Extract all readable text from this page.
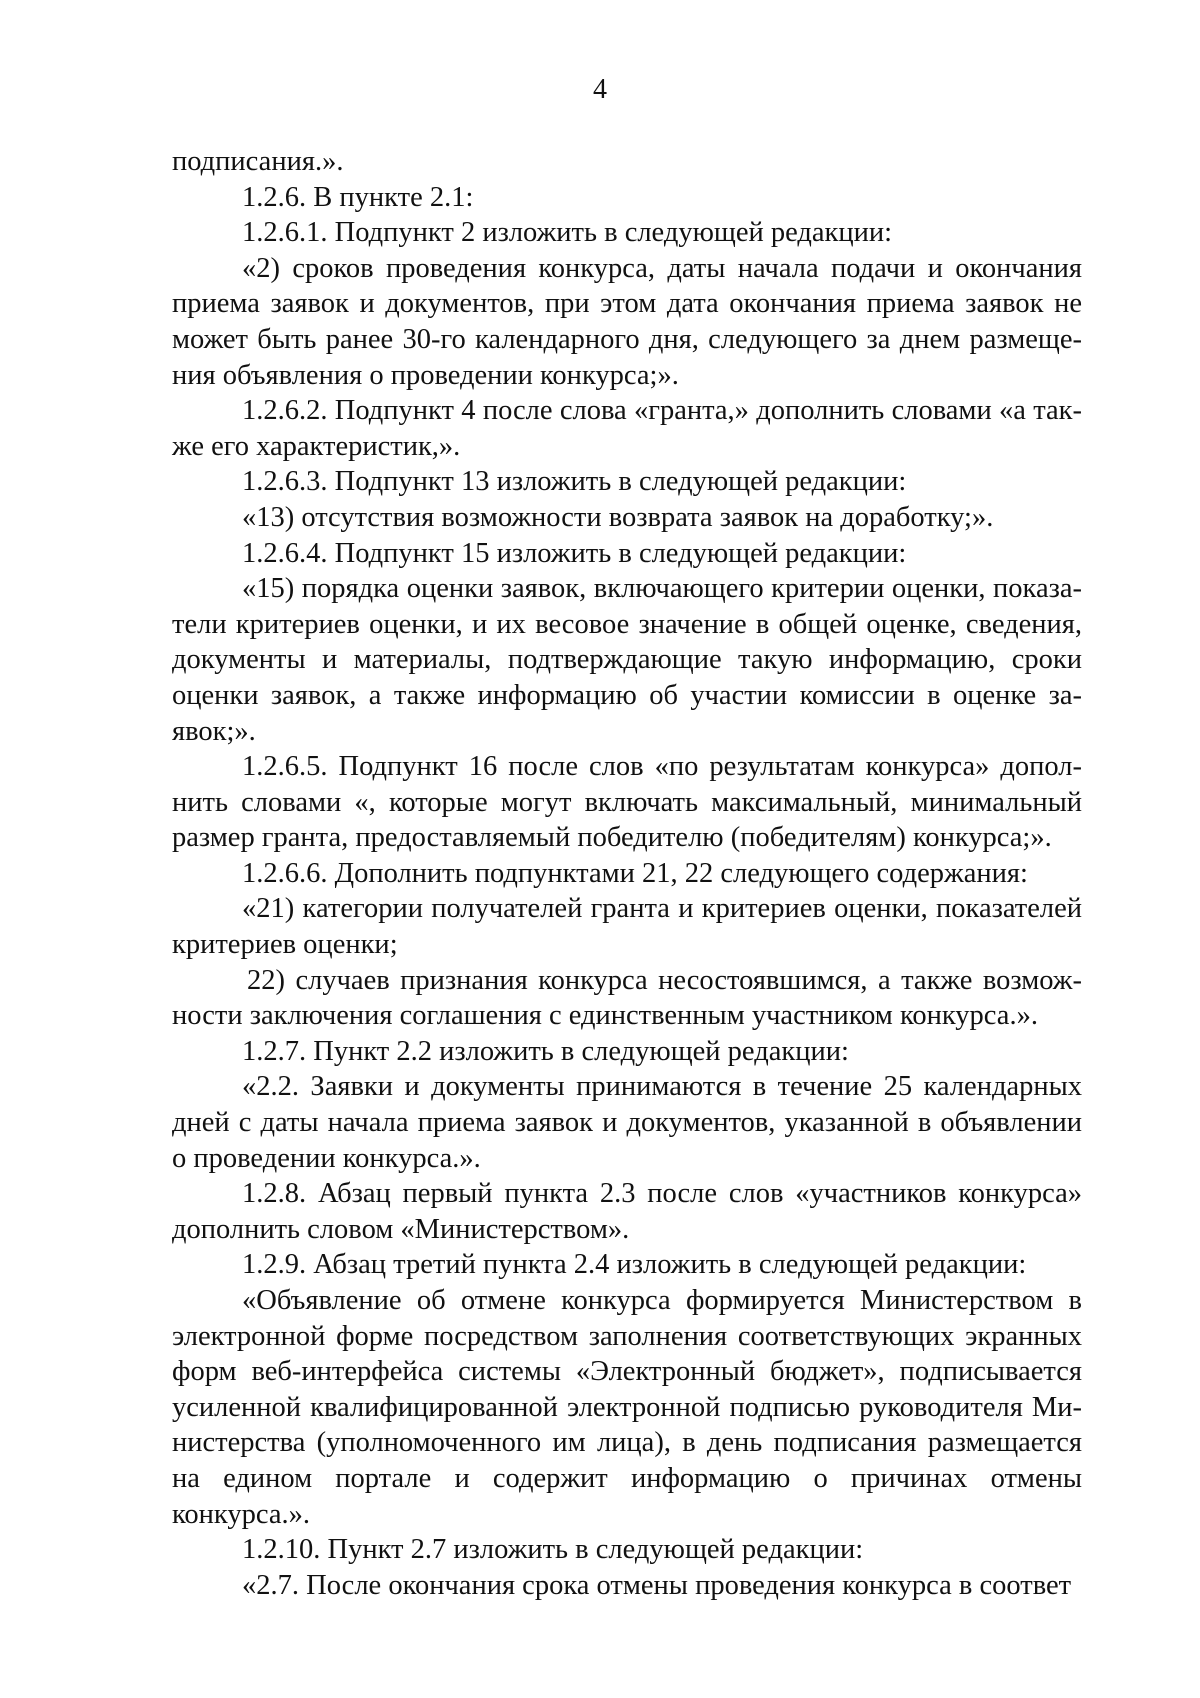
4

подписания.».

1.2.6. В пункте 2.1:

1.2.6.1. Подпункт 2 изложить в следующей редакции:

«2) сроков проведения конкурса, даты начала подачи и окончания приема заявок и документов, при этом дата окончания приема заявок не может быть ранее 30-го календарного дня, следующего за днем размещения объявления о проведении конкурса;».

1.2.6.2. Подпункт 4 после слова «гранта,» дополнить словами «а также его характеристик,».

1.2.6.3. Подпункт 13 изложить в следующей редакции:

«13) отсутствия возможности возврата заявок на доработку;».

1.2.6.4. Подпункт 15 изложить в следующей редакции:

«15) порядка оценки заявок, включающего критерии оценки, показатели критериев оценки, и их весовое значение в общей оценке, сведения, документы и материалы, подтверждающие такую информацию, сроки оценки заявок, а также информацию об участии комиссии в оценке заявок;».

1.2.6.5. Подпункт 16 после слов «по результатам конкурса» дополнить словами «, которые могут включать максимальный, минимальный размер гранта, предоставляемый победителю (победителям) конкурса;».

1.2.6.6. Дополнить подпунктами 21, 22 следующего содержания:

«21) категории получателей гранта и критериев оценки, показателей критериев оценки;

22) случаев признания конкурса несостоявшимся, а также возможности заключения соглашения с единственным участником конкурса.».

1.2.7. Пункт 2.2 изложить в следующей редакции:

«2.2. Заявки и документы принимаются в течение 25 календарных дней с даты начала приема заявок и документов, указанной в объявлении о проведении конкурса.».

1.2.8. Абзац первый пункта 2.3 после слов «участников конкурса» дополнить словом «Министерством».

1.2.9. Абзац третий пункта 2.4 изложить в следующей редакции:

«Объявление об отмене конкурса формируется Министерством в электронной форме посредством заполнения соответствующих экранных форм веб-интерфейса системы «Электронный бюджет», подписывается усиленной квалифицированной электронной подписью руководителя Министерства (уполномоченного им лица), в день подписания размещается на едином портале и содержит информацию о причинах отмены конкурса.».

1.2.10. Пункт 2.7 изложить в следующей редакции:

«2.7. После окончания срока отмены проведения конкурса в соответ
